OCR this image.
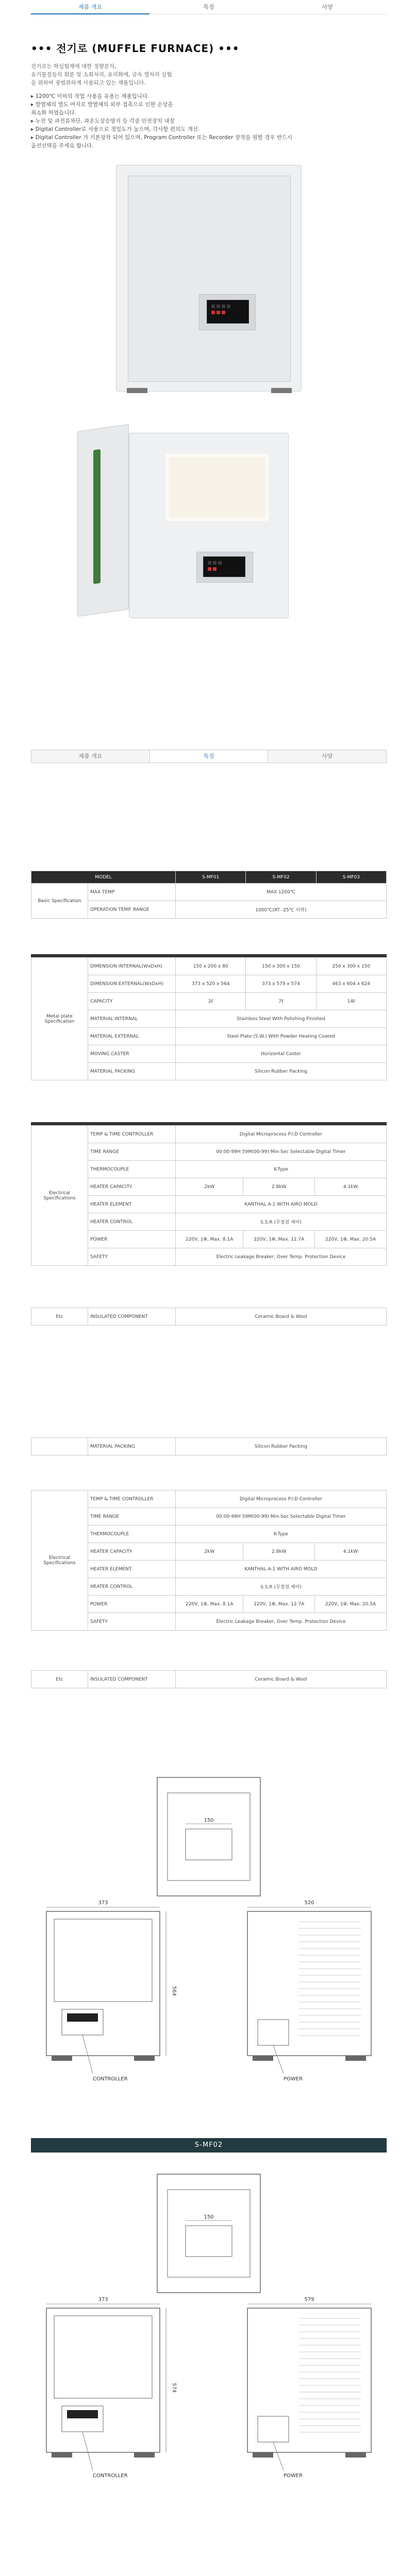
제품 개요	특징	사양
••• 전기로 (MUFFLE FURNACE) •••

전기로는 학실험제에 대한 정량분석,

유기물질들의 회분 및 소회처리, 유리화에, 금속 열처리 실험

을 위하여 광범위하게 사용되고 있는 제품입니다.

▸ 1200℃ 이하의 작업 사용을 유용는 제품입니다.
▸ 발열체의 열도 여지로 발열체의 외부 접촉으로 인한 손상을
최소화 하였습니다.
▸ 누전 및 과전류차단, 과온도상승방지 등 각종 안전장치 내장
▸ Digital Controller로 사용으로 정밀도가 높으며, 각사항 편의도 개선.
▸ Digital Controller 가 기본장착 되어 있으며, Program Controller 또는 Recorder 장착을 원할 경우 반드시
옵션선택을 주세요 합니다.
제품 개요	특징	사양
MODEL		S-MF01	S-MF02	S-MF03
Basic Specification	MAX TEMP	MAX 1200℃		
	OPERATION TEMP. RANGE	1000℃(RT -25℃ 이하)		
Metal plate Specification	DIMENSION INTERNAL(WxDxH)	150 x 200 x 80	150 x 300 x 150	250 x 300 x 150
	DIMENSION EXTERNAL(WxDxH)	373 x 520 x 564	373 x 579 x 574	463 x 604 x 624
	CAPACITY	2ℓ	7ℓ	14ℓ
	MATERIAL INTERNAL	Stainless Steel With Polishing Finished		
	MATERIAL EXTERNAL	Steel Plate (S.W.) With Powder Heating Coated		
	MOVING CASTER	Horizontal Caster		
	MATERIAL PACKING	Silicon Rubber Packing		
Electrical Specifications	TEMP & TIME CONTROLLER	Digital Microprocess P.I.D Controller		
	TIME RANGE	00:00-99H 59M(00-99) Min-Sec Selectable Digital Timer		
	THERMOCOUPLE	K-Type		
	HEATER CAPACITY	2kW	2.8kW	4.1kW
	HEATER ELEMENT	KANTHAL A-1 WITH AIRO MOLD		
	HEATER CONTROL	S.S.R (무접점 제어)		
	POWER	220V, 1Φ, Max. 8.1A	220V, 1Φ, Max. 12.7A	220V, 1Φ, Max. 20.5A
	SAFETY	Electric Leakage Breaker, Over Temp. Protection Device		
Etc	INSULATED COMPONENT	Ceramic Board & Wool
	MATERIAL PACKING	Silicon Rubber Packing
Electrical Specifications	TEMP & TIME CONTROLLER	Digital Microprocess P.I.D Controller		
	TIME RANGE	00:00-99H 59M(00-99) Min-Sec Selectable Digital Timer		
	THERMOCOUPLE	K-Type		
	HEATER CAPACITY	2kW	2.8kW	4.1kW
	HEATER ELEMENT	KANTHAL A-1 WITH AIRO MOLD		
	HEATER CONTROL	S.S.R (무접점 제어)		
	POWER	220V, 1Φ, Max. 8.1A	220V, 1Φ, Max. 12.7A	220V, 1Φ, Max. 20.5A
	SAFETY	Electric Leakage Breaker, Over Temp. Protection Device		
Etc	INSULATED COMPONENT	Ceramic Board & Wool
150
373
564
CONTROLLER
520
POWER
S-MF02
150
373
574
CONTROLLER
579
POWER
